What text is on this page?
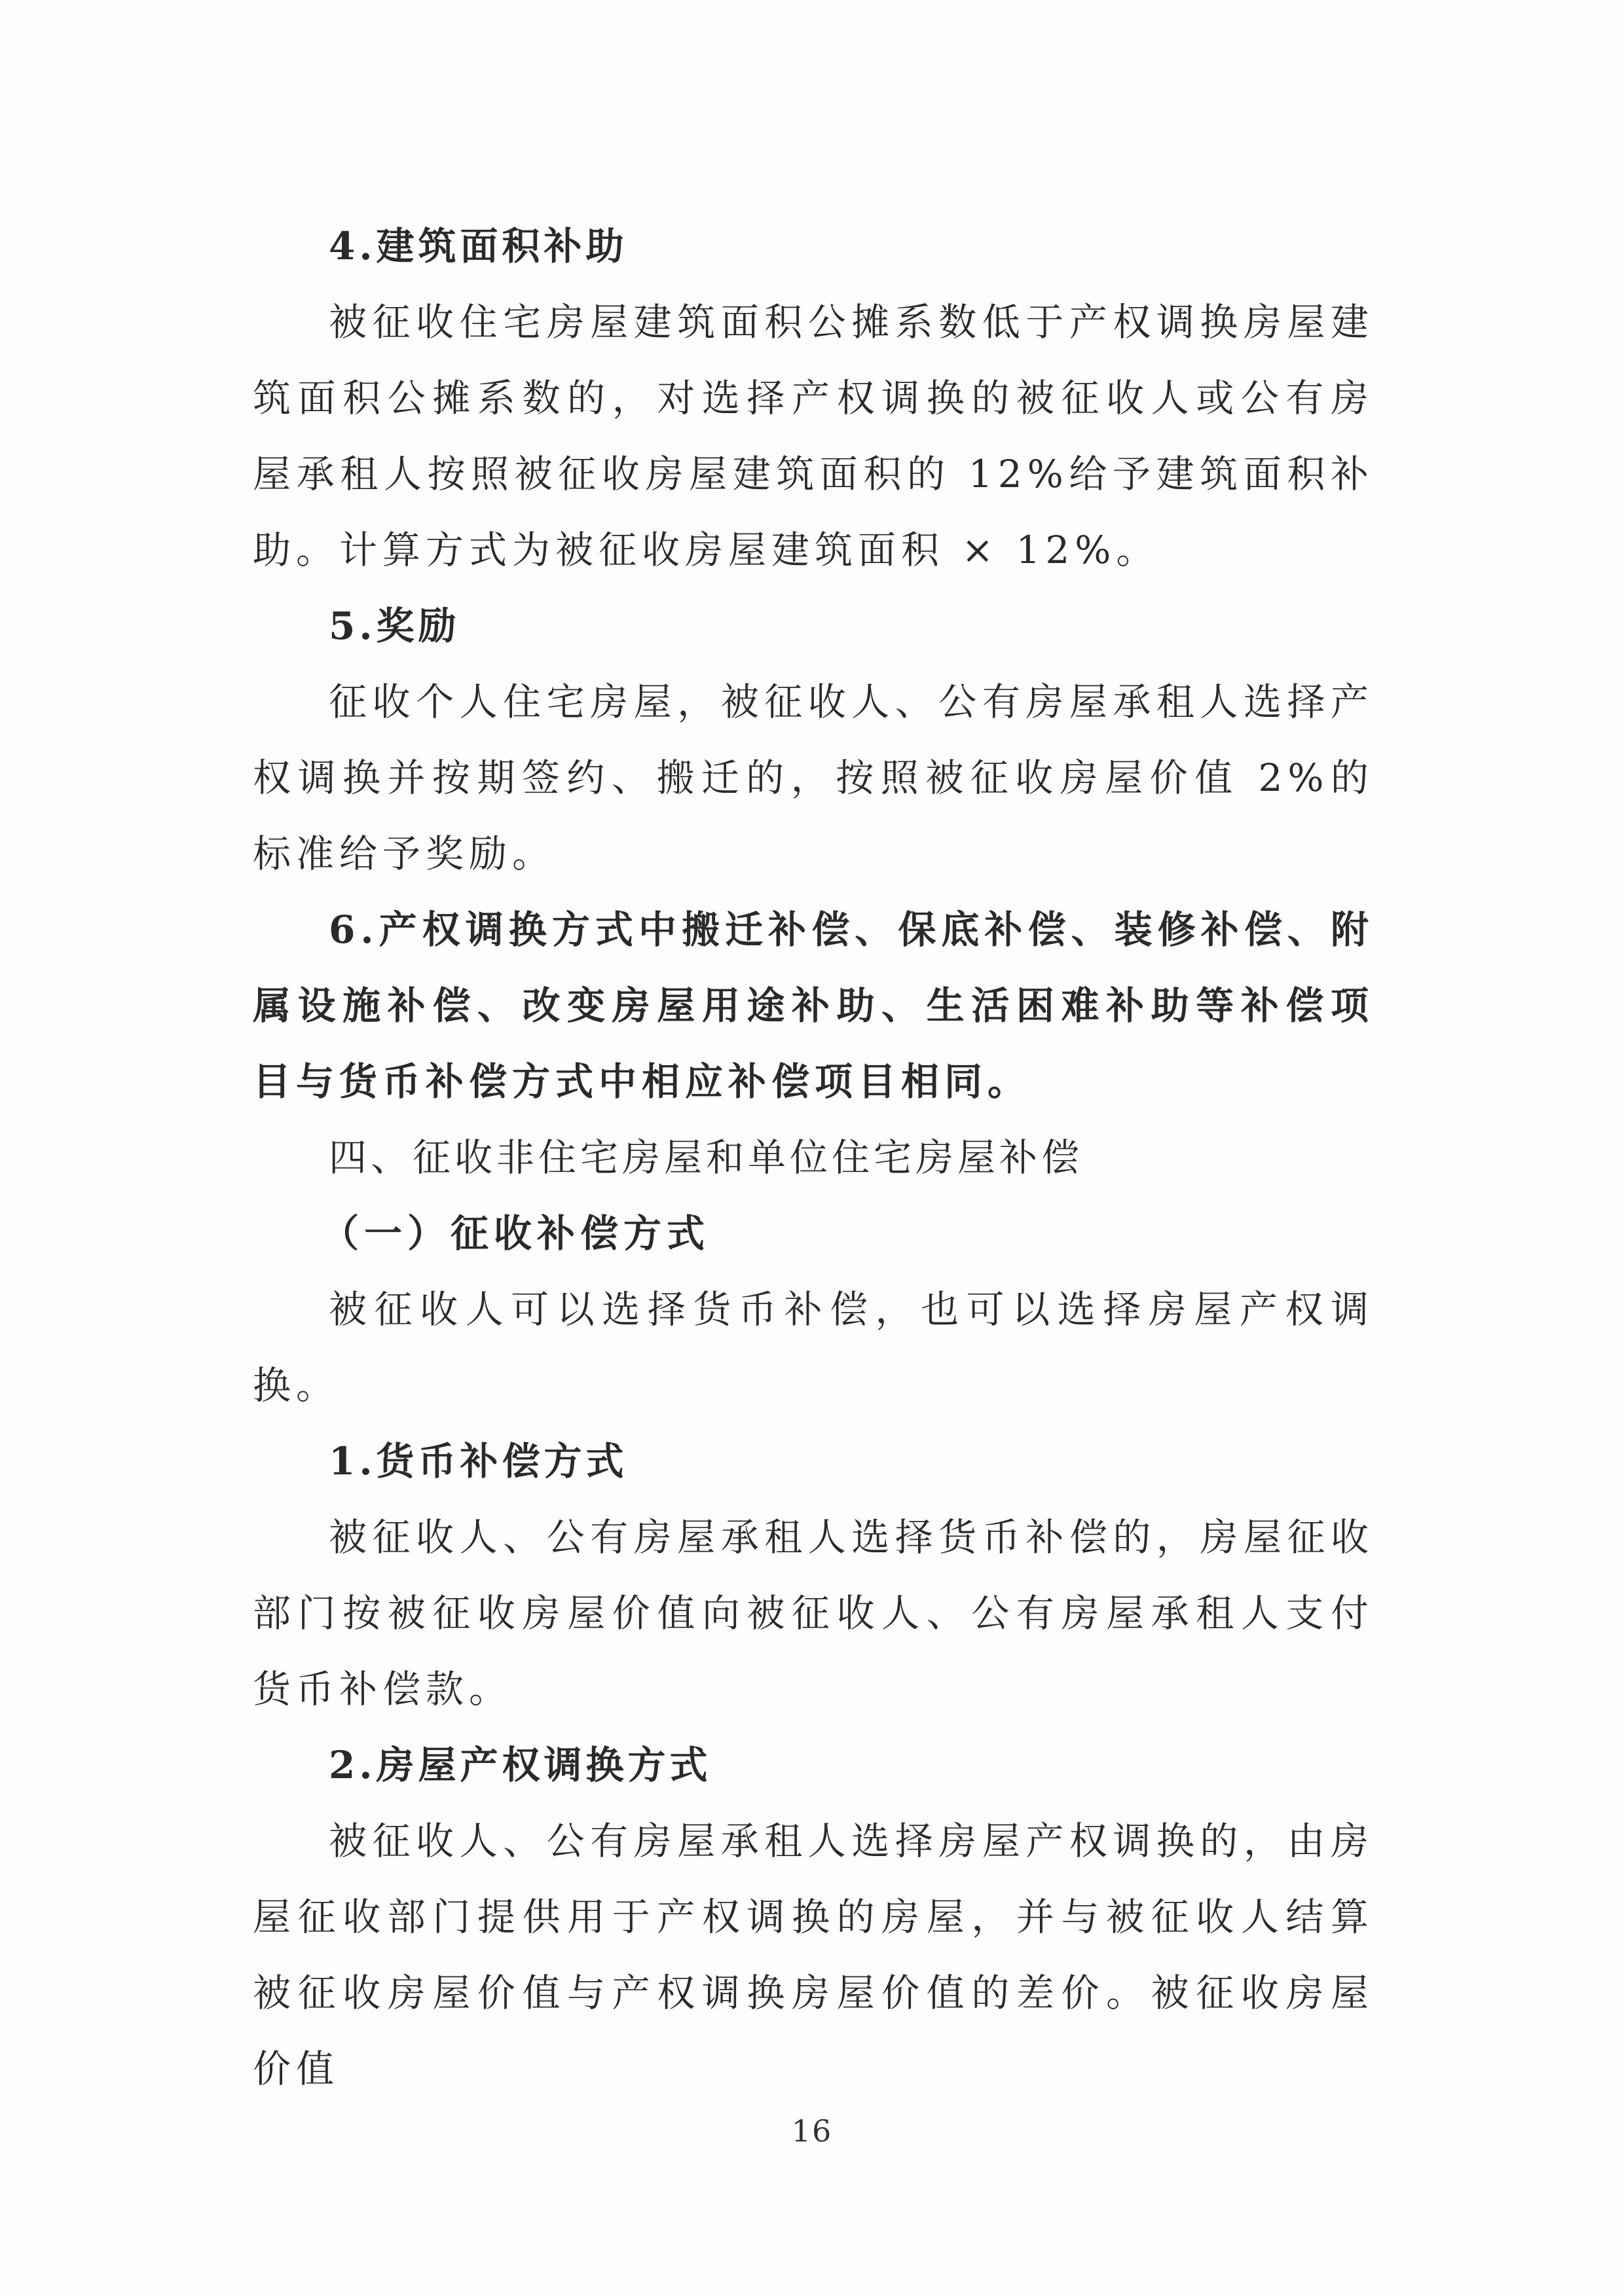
4.建筑面积补助

被征收住宅房屋建筑面积公摊系数低于产权调换房屋建筑面积公摊系数的，对选择产权调换的被征收人或公有房屋承租人按照被征收房屋建筑面积的 12%给予建筑面积补助。计算方式为被征收房屋建筑面积 × 12%。

5.奖励

征收个人住宅房屋，被征收人、公有房屋承租人选择产权调换并按期签约、搬迁的，按照被征收房屋价值 2%的标准给予奖励。

6.产权调换方式中搬迁补偿、保底补偿、装修补偿、附属设施补偿、改变房屋用途补助、生活困难补助等补偿项目与货币补偿方式中相应补偿项目相同。

四、征收非住宅房屋和单位住宅房屋补偿

（一）征收补偿方式

被征收人可以选择货币补偿，也可以选择房屋产权调换。

1.货币补偿方式

被征收人、公有房屋承租人选择货币补偿的，房屋征收部门按被征收房屋价值向被征收人、公有房屋承租人支付货币补偿款。

2.房屋产权调换方式

被征收人、公有房屋承租人选择房屋产权调换的，由房屋征收部门提供用于产权调换的房屋，并与被征收人结算被征收房屋价值与产权调换房屋价值的差价。被征收房屋价值

16
